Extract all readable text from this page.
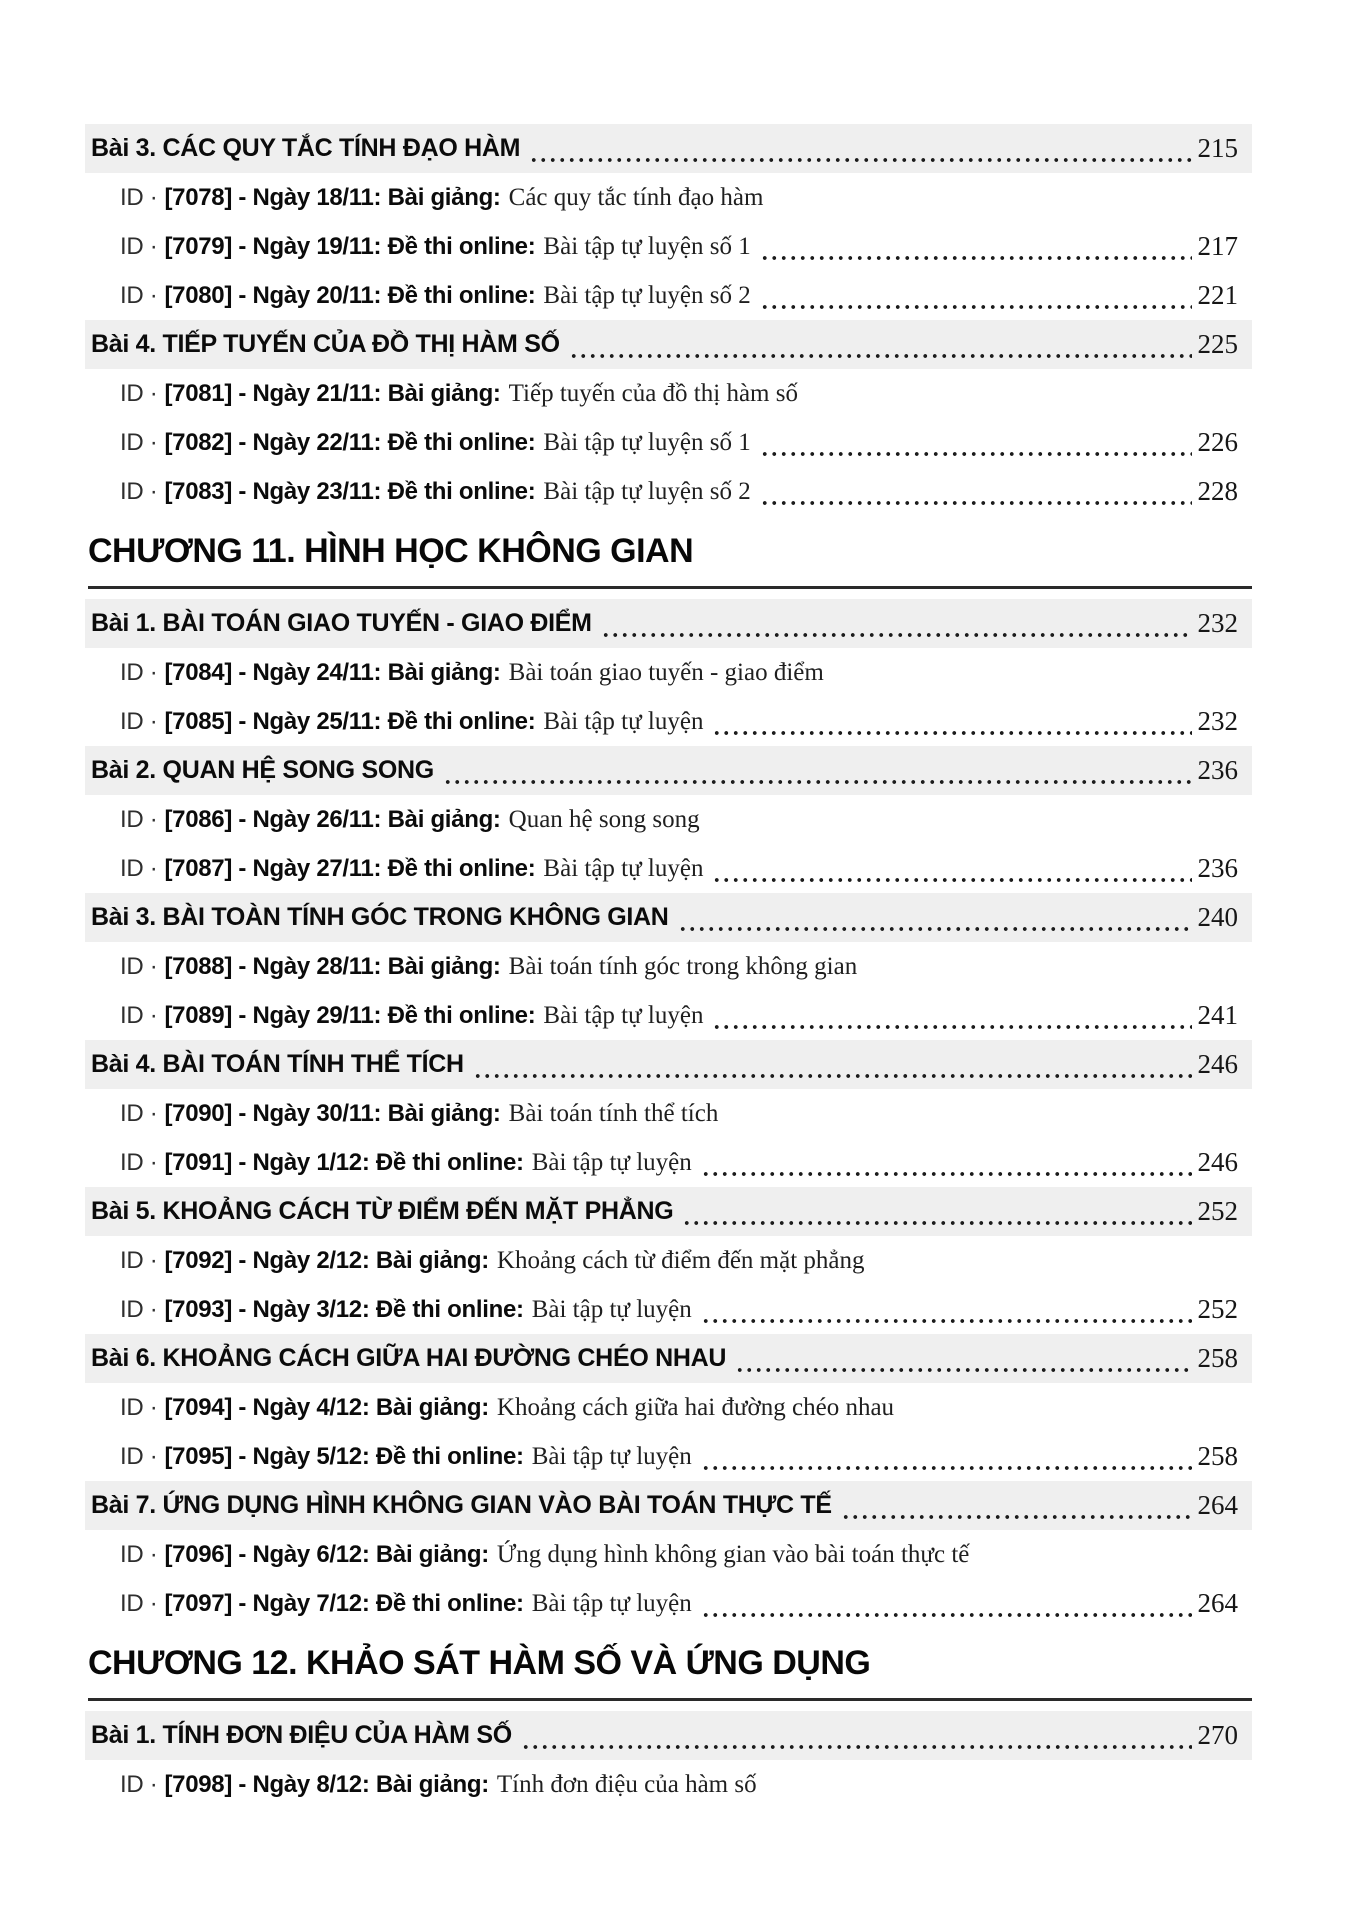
Bài 3. CÁC QUY TẮC TÍNH ĐẠO HÀM	215
ID · [7078] - Ngày 18/11: Bài giảng: Các quy tắc tính đạo hàm
ID · [7079] - Ngày 19/11: Đề thi online: Bài tập tự luyện số 1	217
ID · [7080] - Ngày 20/11: Đề thi online: Bài tập tự luyện số 2	221
Bài 4. TIẾP TUYẾN CỦA ĐỒ THỊ HÀM SỐ	225
ID · [7081] - Ngày 21/11: Bài giảng: Tiếp tuyến của đồ thị hàm số
ID · [7082] - Ngày 22/11: Đề thi online: Bài tập tự luyện số 1	226
ID · [7083] - Ngày 23/11: Đề thi online: Bài tập tự luyện số 2	228
CHƯƠNG 11. HÌNH HỌC KHÔNG GIAN
Bài 1. BÀI TOÁN GIAO TUYẾN - GIAO ĐIỂM	232
ID · [7084] - Ngày 24/11: Bài giảng: Bài toán giao tuyến - giao điểm
ID · [7085] - Ngày 25/11: Đề thi online: Bài tập tự luyện	232
Bài 2. QUAN HỆ SONG SONG	236
ID · [7086] - Ngày 26/11: Bài giảng: Quan hệ song song
ID · [7087] - Ngày 27/11: Đề thi online: Bài tập tự luyện	236
Bài 3. BÀI TOÀN TÍNH GÓC TRONG KHÔNG GIAN	240
ID · [7088] - Ngày 28/11: Bài giảng: Bài toán tính góc trong không gian
ID · [7089] - Ngày 29/11: Đề thi online: Bài tập tự luyện	241
Bài 4. BÀI TOÁN TÍNH THỂ TÍCH	246
ID · [7090] - Ngày 30/11: Bài giảng: Bài toán tính thể tích
ID · [7091] - Ngày 1/12: Đề thi online: Bài tập tự luyện	246
Bài 5. KHOẢNG CÁCH TỪ ĐIỂM ĐẾN MẶT PHẲNG	252
ID · [7092] - Ngày 2/12: Bài giảng: Khoảng cách từ điểm đến mặt phẳng
ID · [7093] - Ngày 3/12: Đề thi online: Bài tập tự luyện	252
Bài 6. KHOẢNG CÁCH GIỮA HAI ĐƯỜNG CHÉO NHAU	258
ID · [7094] - Ngày 4/12: Bài giảng: Khoảng cách giữa hai đường chéo nhau
ID · [7095] - Ngày 5/12: Đề thi online: Bài tập tự luyện	258
Bài 7. ỨNG DỤNG HÌNH KHÔNG GIAN VÀO BÀI TOÁN THỰC TẾ	264
ID · [7096] - Ngày 6/12: Bài giảng: Ứng dụng hình không gian vào bài toán thực tế
ID · [7097] - Ngày 7/12: Đề thi online: Bài tập tự luyện	264
CHƯƠNG 12. KHẢO SÁT HÀM SỐ VÀ ỨNG DỤNG
Bài 1. TÍNH ĐƠN ĐIỆU CỦA HÀM SỐ	270
ID · [7098] - Ngày 8/12: Bài giảng: Tính đơn điệu của hàm số
